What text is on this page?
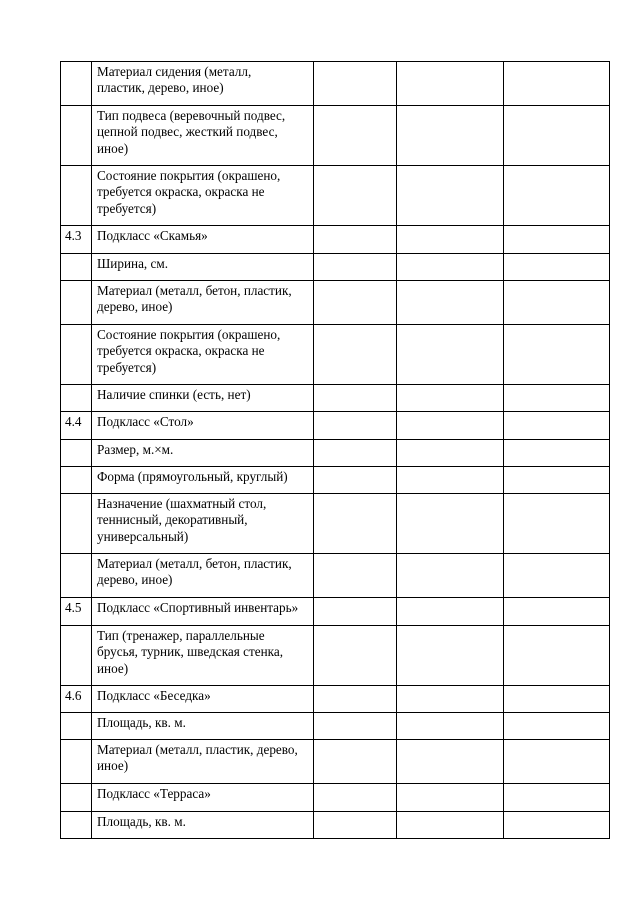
	Материал сидения (металл,
пластик, дерево, иное)			
	Тип подвеса (веревочный подвес,
цепной подвес, жесткий подвес,
иное)			
	Состояние покрытия (окрашено,
требуется окраска, окраска не
требуется)			
4.3	Подкласс «Скамья»			
	Ширина, см.			
	Материал (металл, бетон, пластик,
дерево, иное)			
	Состояние покрытия (окрашено,
требуется окраска, окраска не
требуется)			
	Наличие спинки (есть, нет)			
4.4	Подкласс «Стол»			
	Размер, м.×м.			
	Форма (прямоугольный, круглый)			
	Назначение (шахматный стол,
теннисный, декоративный,
универсальный)			
	Материал (металл, бетон, пластик,
дерево, иное)			
4.5	Подкласс «Спортивный инвентарь»			
	Тип (тренажер, параллельные
брусья, турник, шведская стенка,
иное)			
4.6	Подкласс «Беседка»			
	Площадь, кв. м.			
	Материал (металл, пластик, дерево,
иное)			
	Подкласс «Терраса»			
	Площадь, кв. м.			
